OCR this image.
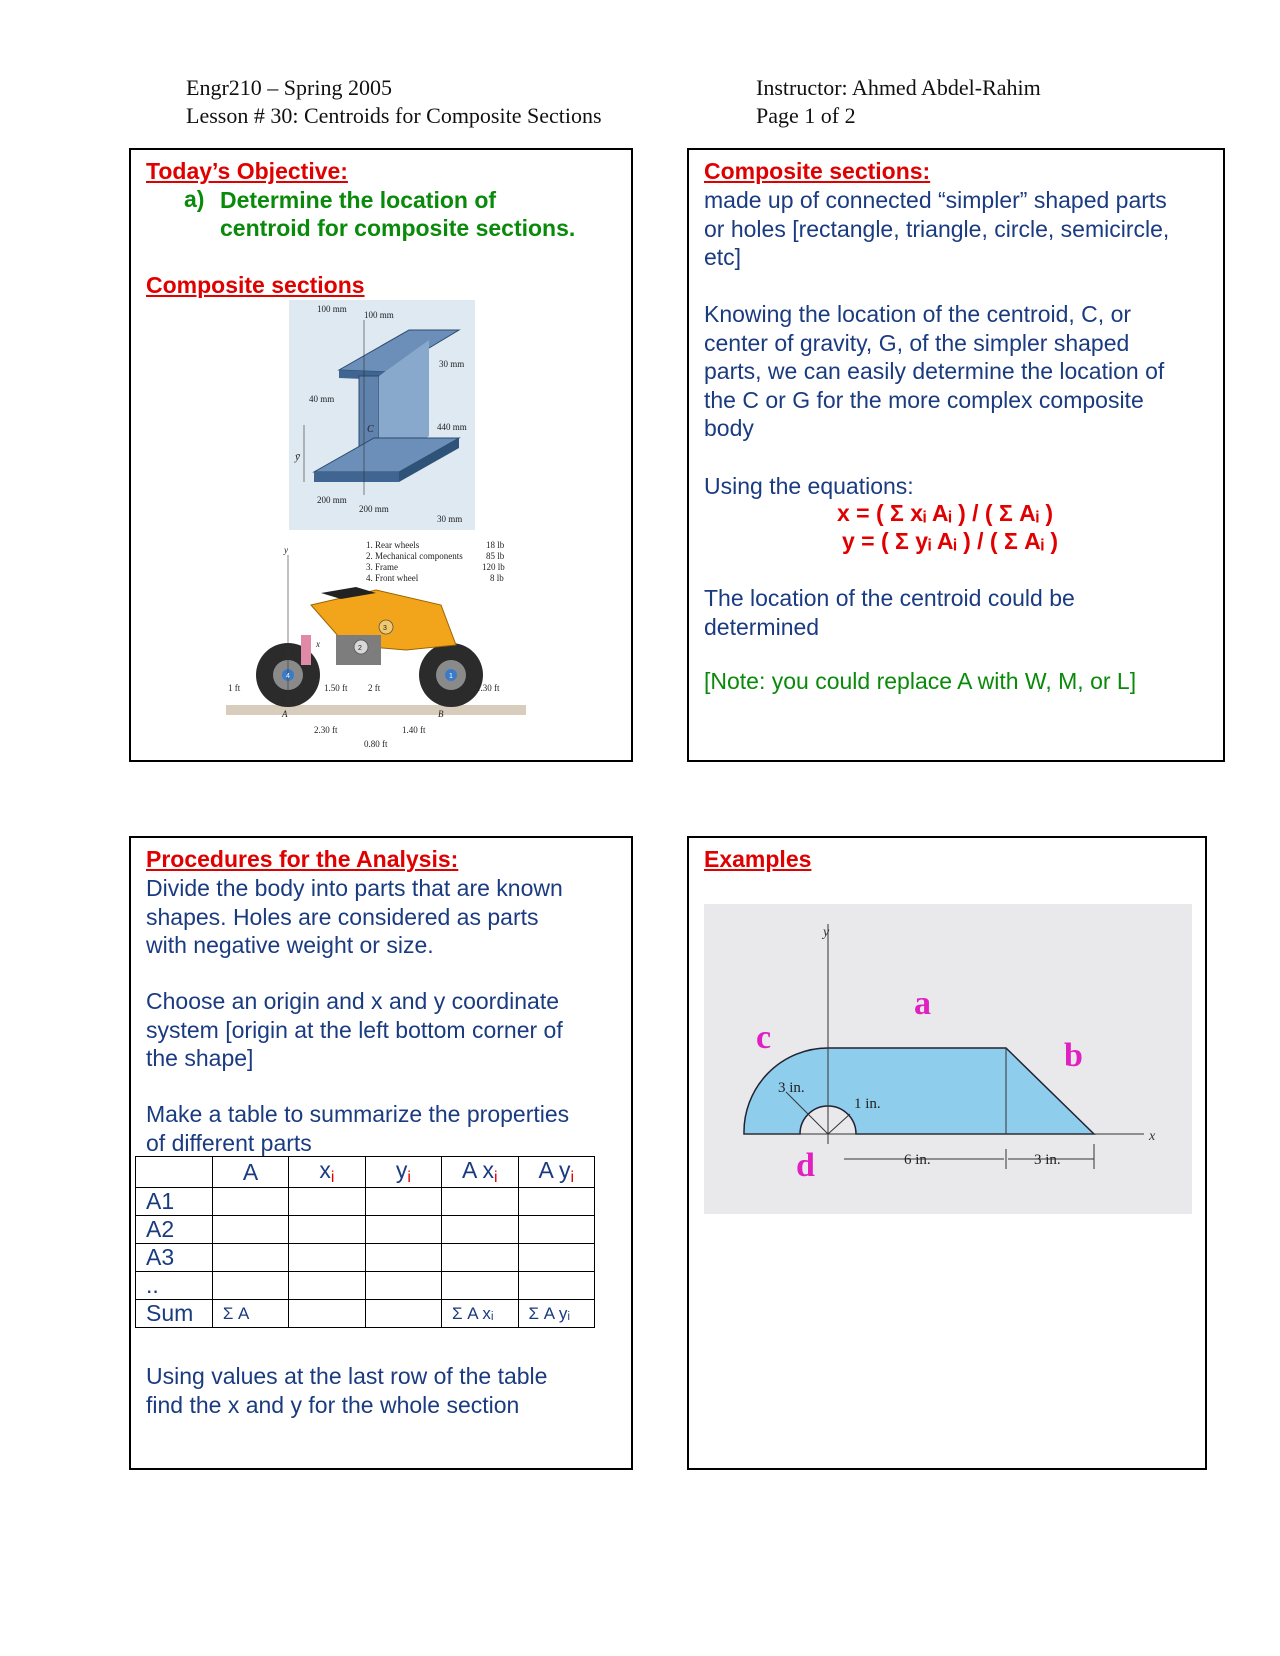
Engr210 – Spring 2005
Lesson # 30: Centroids for Composite Sections
Instructor: Ahmed Abdel-Rahim
Page 1 of 2
Today’s Objective:
a) Determine the location of
centroid for composite sections.
Composite sections
100 mm
100 mm
30 mm
40 mm
C	440 mm
ȳ
200 mm
200 mm
30 mm
1. Rear wheels	18 lb
2. Mechanical components	85 lb
3. Frame	120 lb
4. Front wheel	8 lb
y
x
1 ft	1.50 ft 2 ft	1.30 ft
A	B
2.30 ft	1.40 ft
0.80 ft
1
2
3
4
Composite sections:
made up of connected “simpler” shaped parts
or holes [rectangle, triangle, circle, semicircle,
etc]
Knowing the location of the centroid, C, or
center of gravity, G, of the simpler shaped
parts, we can easily determine the location of
the C or G for the more complex composite
body
Using the equations:
x = ( Σ xᵢ Aᵢ ) / ( Σ Aᵢ )
y = ( Σ yᵢ Aᵢ ) / ( Σ Aᵢ )
The location of the centroid could be
determined
[Note: you could replace A with W, M, or L]
Procedures for the Analysis:
Divide the body into parts that are known
shapes. Holes are considered as parts
with negative weight or size.
Choose an origin and x and y coordinate
system [origin at the left bottom corner of
the shape]
Make a table to summarize the properties
of different parts
	A	$x_i$	$y_i$	A $x_i$	A $y_i$
A1					
A2					
A3					
..					
Sum	Σ A			Σ A xᵢ	Σ A yᵢ
Using values at the last row of the table
find the x and y for the whole section
Examples
y
x
3 in.
1 in.
6 in.	3 in.
a
b
c
d
